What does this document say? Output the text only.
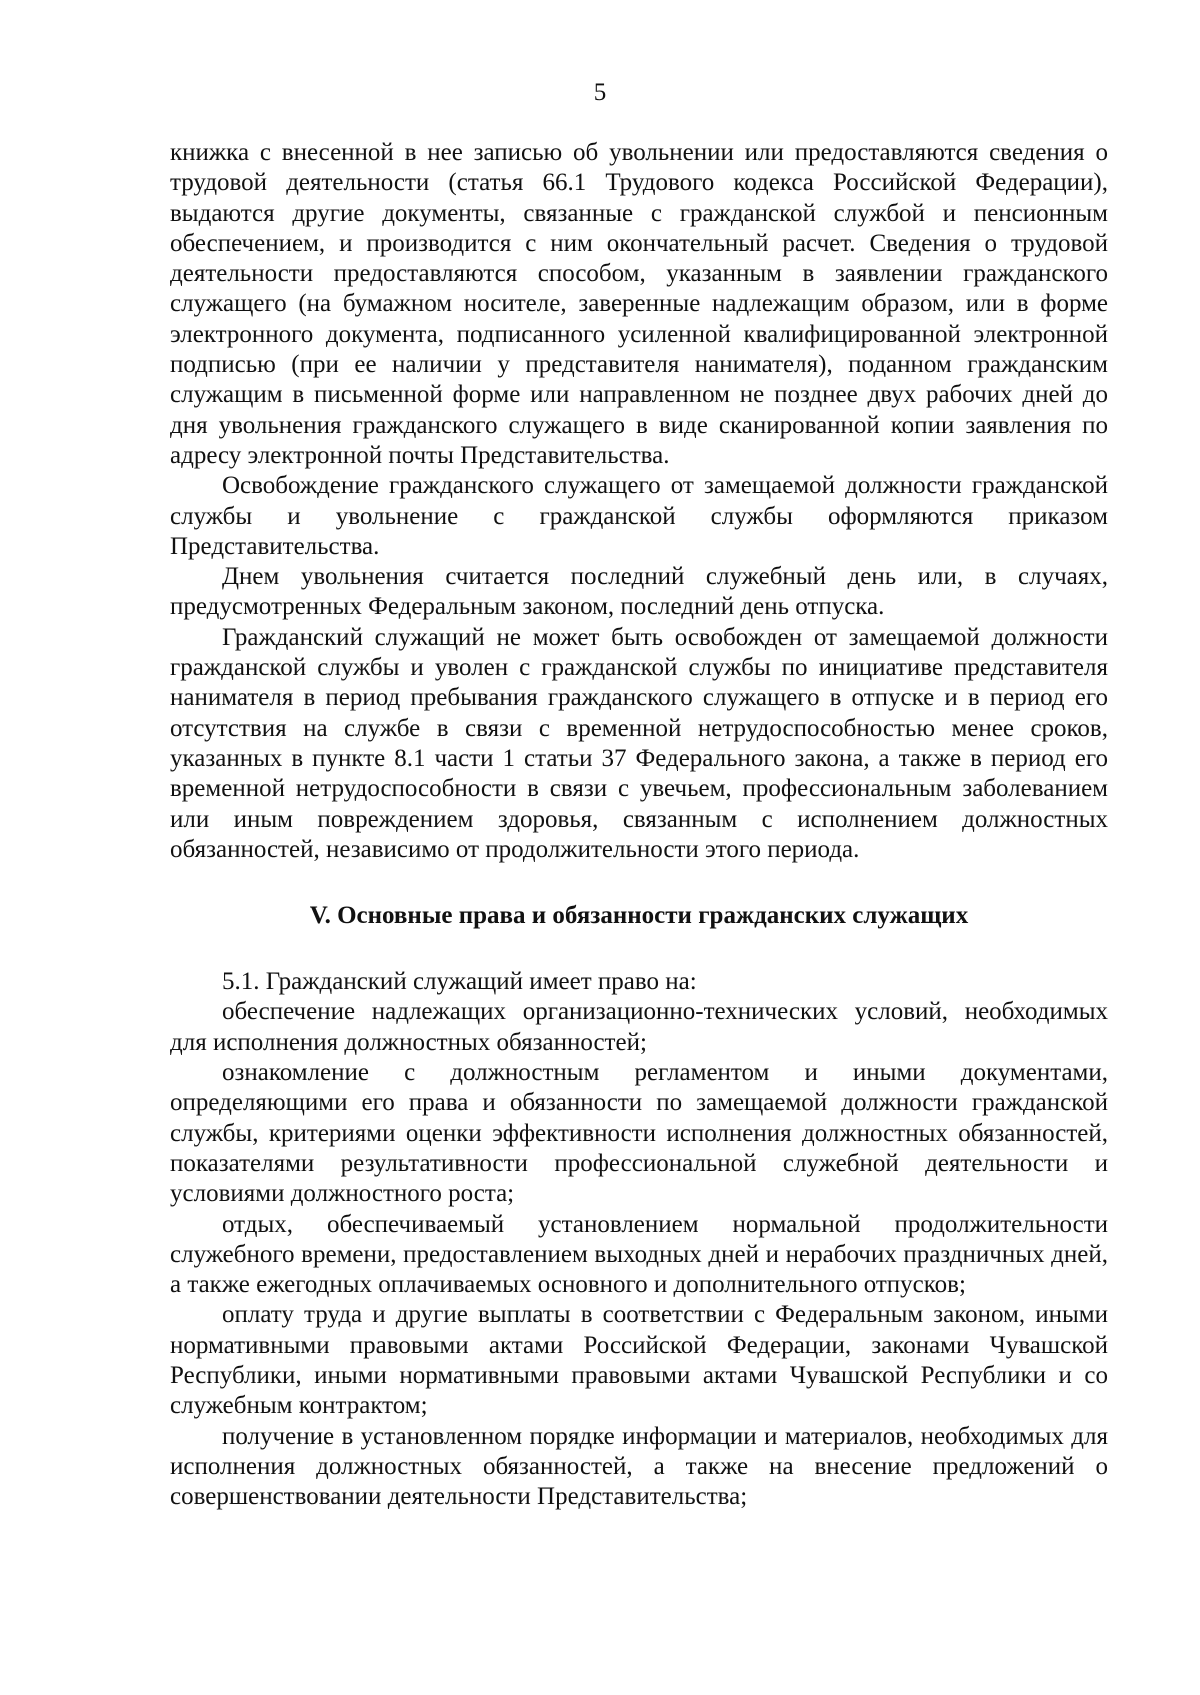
5

книжка с внесенной в нее записью об увольнении или предоставляются сведения о трудовой деятельности (статья 66.1 Трудового кодекса Российской Федерации), выдаются другие документы, связанные с гражданской службой и пенсионным обеспечением, и производится с ним окончательный расчет. Сведения о трудовой деятельности предоставляются способом, указанным в заявлении гражданского служащего (на бумажном носителе, заверенные надлежащим образом, или в форме электронного документа, подписанного усиленной квалифицированной электронной подписью (при ее наличии у представителя нанимателя), поданном гражданским служащим в письменной форме или направленном не позднее двух рабочих дней до дня увольнения гражданского служащего в виде сканированной копии заявления по адресу электронной почты Представительства.

Освобождение гражданского служащего от замещаемой должности гражданской службы и увольнение с гражданской службы оформляются приказом Представительства.

Днем увольнения считается последний служебный день или, в случаях, предусмотренных Федеральным законом, последний день отпуска.

Гражданский служащий не может быть освобожден от замещаемой должности гражданской службы и уволен с гражданской службы по инициативе представителя нанимателя в период пребывания гражданского служащего в отпуске и в период его отсутствия на службе в связи с временной нетрудоспособностью менее сроков, указанных в пункте 8.1 части 1 статьи 37 Федерального закона, а также в период его временной нетрудоспособности в связи с увечьем, профессиональным заболеванием или иным повреждением здоровья, связанным с исполнением должностных обязанностей, независимо от продолжительности этого периода.

V. Основные права и обязанности гражданских служащих

5.1. Гражданский служащий имеет право на:

обеспечение надлежащих организационно-технических условий, необходимых для исполнения должностных обязанностей;

ознакомление с должностным регламентом и иными документами, определяющими его права и обязанности по замещаемой должности гражданской службы, критериями оценки эффективности исполнения должностных обязанностей, показателями результативности профессиональной служебной деятельности и условиями должностного роста;

отдых, обеспечиваемый установлением нормальной продолжительности служебного времени, предоставлением выходных дней и нерабочих праздничных дней, а также ежегодных оплачиваемых основного и дополнительного отпусков;

оплату труда и другие выплаты в соответствии с Федеральным законом, иными нормативными правовыми актами Российской Федерации, законами Чувашской Республики, иными нормативными правовыми актами Чувашской Республики и со служебным контрактом;

получение в установленном порядке информации и материалов, необходимых для исполнения должностных обязанностей, а также на внесение предложений о совершенствовании деятельности Представительства;
